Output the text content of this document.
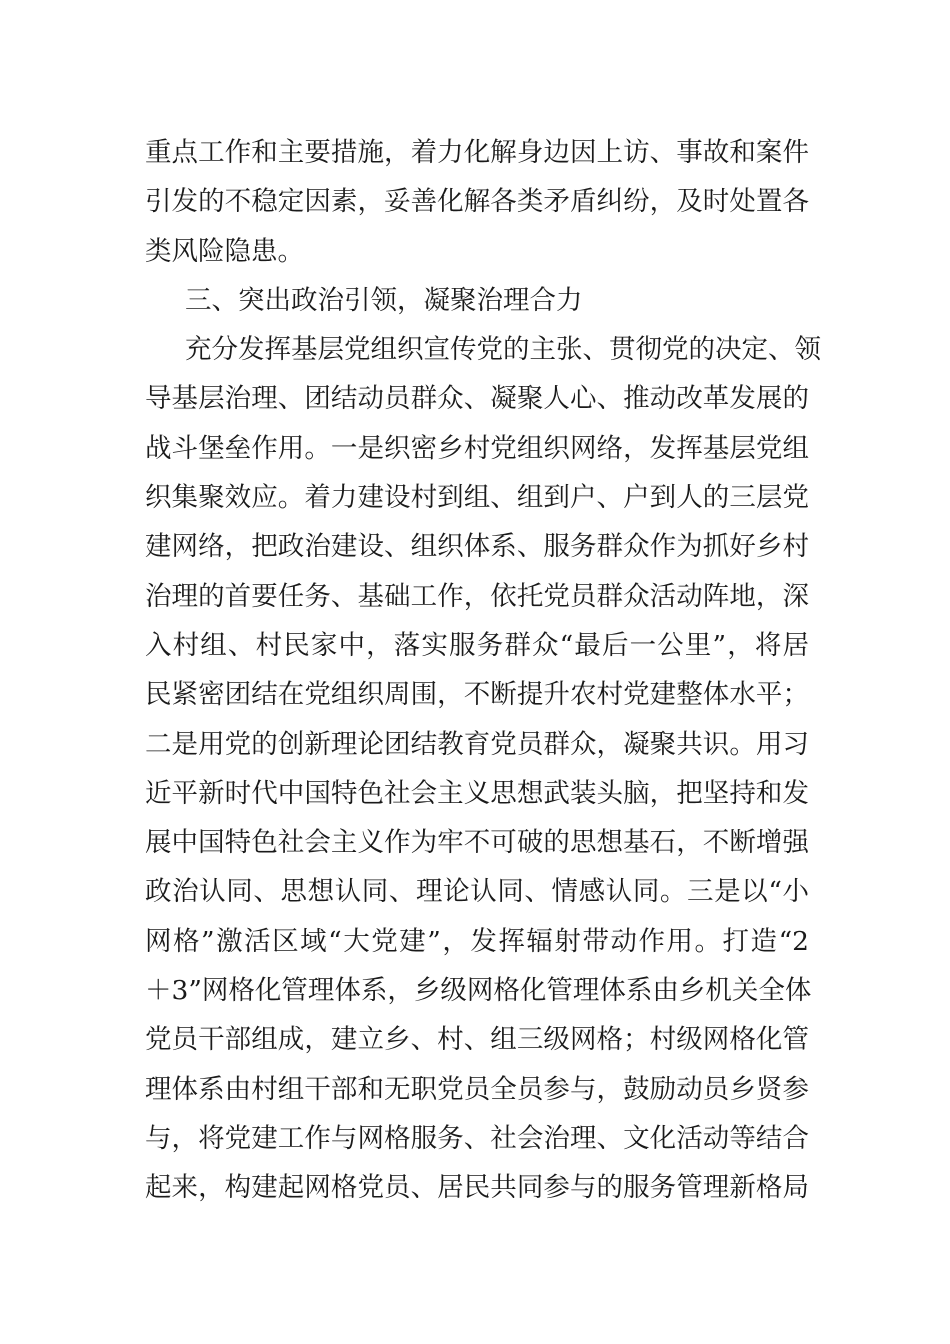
重点工作和主要措施，着力化解身边因上访、事故和案件
引发的不稳定因素，妥善化解各类矛盾纠纷，及时处置各
类风险隐患。
三、突出政治引领，凝聚治理合力
充分发挥基层党组织宣传党的主张、贯彻党的决定、领
导基层治理、团结动员群众、凝聚人心、推动改革发展的
战斗堡垒作用。一是织密乡村党组织网络，发挥基层党组
织集聚效应。着力建设村到组、组到户、户到人的三层党
建网络，把政治建设、组织体系、服务群众作为抓好乡村
治理的首要任务、基础工作，依托党员群众活动阵地，深
入村组、村民家中，落实服务群众“最后一公里”，将居
民紧密团结在党组织周围，不断提升农村党建整体水平；
二是用党的创新理论团结教育党员群众，凝聚共识。用习
近平新时代中国特色社会主义思想武装头脑，把坚持和发
展中国特色社会主义作为牢不可破的思想基石，不断增强
政治认同、思想认同、理论认同、情感认同。三是以“小
网格”激活区域“大党建”，发挥辐射带动作用。打造“2
＋3”网格化管理体系，乡级网格化管理体系由乡机关全体
党员干部组成，建立乡、村、组三级网格；村级网格化管
理体系由村组干部和无职党员全员参与，鼓励动员乡贤参
与，将党建工作与网格服务、社会治理、文化活动等结合
起来，构建起网格党员、居民共同参与的服务管理新格局
